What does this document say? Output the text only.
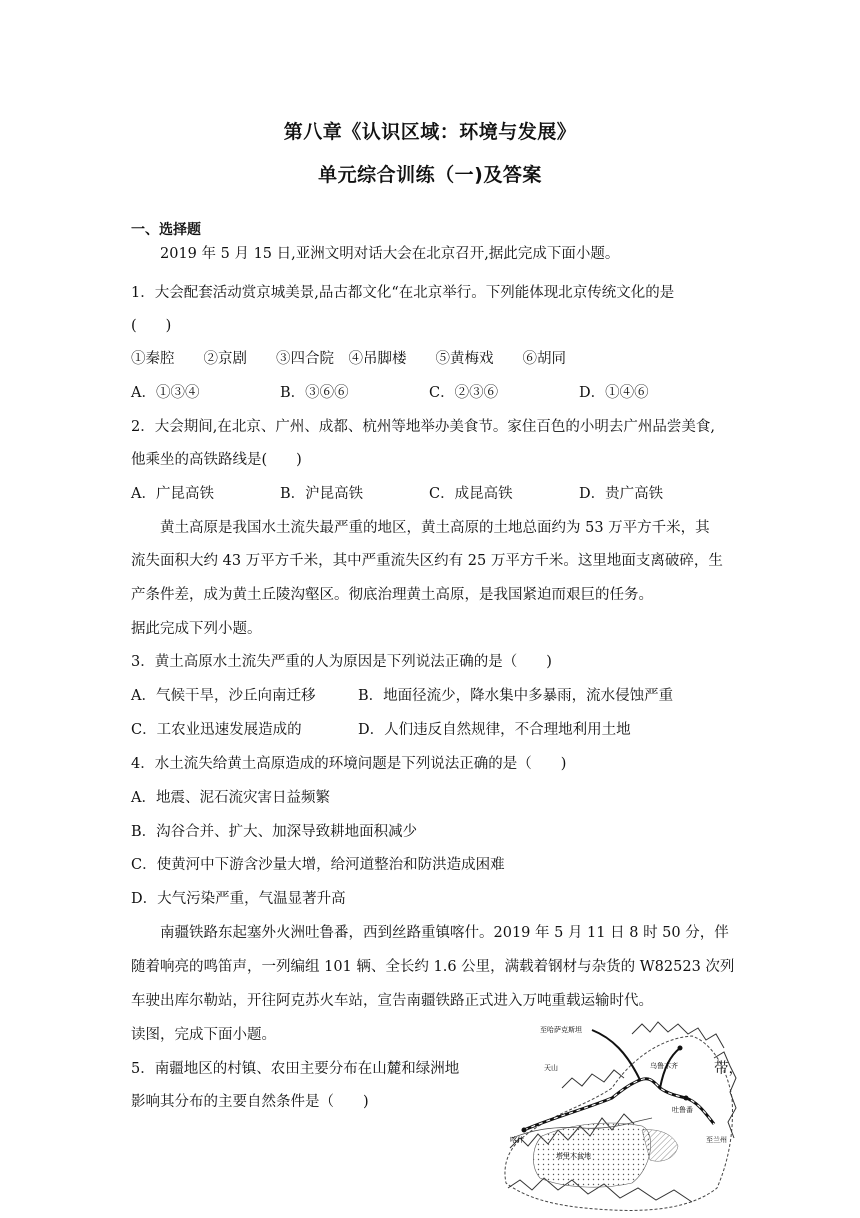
第八章《认识区域：环境与发展》
单元综合训练（一)及答案
一、选择题
2019 年 5 月 15 日,亚洲文明对话大会在北京召开,据此完成下面小题。
1．大会配套活动赏京城美景,品古都文化“在北京举行。下列能体现北京传统文化的是
(　　)
①秦腔　　②京剧　　③四合院　④吊脚楼　　⑤黄梅戏　　⑥胡同
A．①③④	B．③⑥⑥	C．②③⑥	D．①④⑥
2．大会期间,在北京、广州、成都、杭州等地举办美食节。家住百色的小明去广州品尝美食,
他乘坐的高铁路线是(　　)
A．广昆高铁	B．沪昆高铁	C．成昆高铁	D．贵广高铁
黄土高原是我国水土流失最严重的地区，黄土高原的土地总面约为 53 万平方千米，其
流失面积大约 43 万平方千米，其中严重流失区约有 25 万平方千米。这里地面支离破碎，生
产条件差，成为黄土丘陵沟壑区。彻底治理黄土高原，是我国紧迫而艰巨的任务。
据此完成下列小题。
3．黄土高原水土流失严重的人为原因是下列说法正确的是（　　)
A．气候干旱，沙丘向南迁移	B．地面径流少，降水集中多暴雨，流水侵蚀严重
C．工农业迅速发展造成的	D．人们违反自然规律，不合理地利用土地
4．水土流失给黄土高原造成的环境问题是下列说法正确的是（　　)
A．地震、泥石流灾害日益频繁
B．沟谷合并、扩大、加深导致耕地面积减少
C．使黄河中下游含沙量大增，给河道整治和防洪造成困难
D．大气污染严重，气温显著升高
南疆铁路东起塞外火洲吐鲁番，西到丝路重镇喀什。2019 年 5 月 11 日 8 时 50 分，伴
随着响亮的鸣笛声，一列编组 101 辆、全长约 1.6 公里，满载着钢材与杂货的 W82523 次列
车驶出库尔勒站，开往阿克苏火车站，宣告南疆铁路正式进入万吨重载运输时代。
读图，完成下面小题。
5．南疆地区的村镇、农田主要分布在山麓和绿洲地	带，
影响其分布的主要自然条件是（　　)
至哈萨克斯坦
天山	乌鲁木齐
吐鲁番
喀什
塔里木盆地
至兰州
